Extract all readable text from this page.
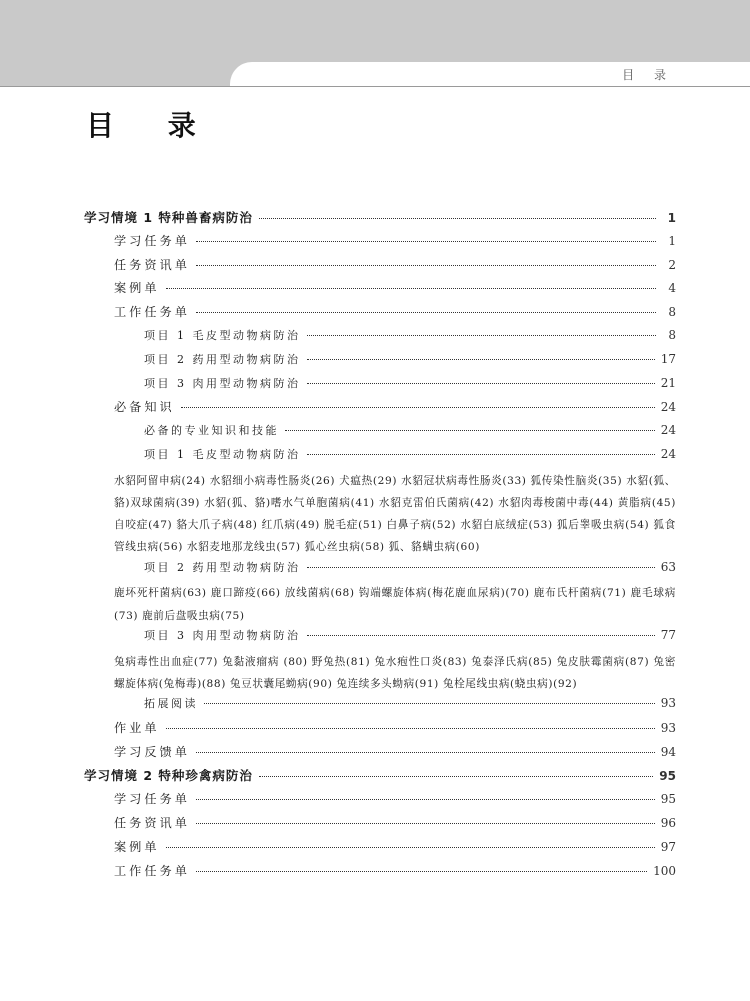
目 录
目 录
学习情境 1 特种兽畜病防治	1
学习任务单	1
任务资讯单	2
案例单	4
工作任务单	8
项目 1 毛皮型动物病防治	8
项目 2 药用型动物病防治	17
项目 3 肉用型动物病防治	21
必备知识	24
必备的专业知识和技能	24
项目 1 毛皮型动物病防治	24
水貂阿留申病(24) 水貂细小病毒性肠炎(26) 犬瘟热(29) 水貂冠状病毒性肠炎(33) 狐传染性脑炎(35) 水貂(狐、貉)双球菌病(39) 水貂(狐、貉)嗜水气单胞菌病(41) 水貂克雷伯氏菌病(42) 水貂肉毒梭菌中毒(44) 黄脂病(45) 自咬症(47) 貉大爪子病(48) 红爪病(49) 脱毛症(51) 白鼻子病(52) 水貂白底绒症(53) 狐后睾吸虫病(54) 狐食管线虫病(56) 水貂麦地那龙线虫(57) 狐心丝虫病(58) 狐、貉螨虫病(60)
项目 2 药用型动物病防治	63
鹿坏死杆菌病(63) 鹿口蹄疫(66) 放线菌病(68) 钩端螺旋体病(梅花鹿血尿病)(70) 鹿布氏杆菌病(71) 鹿毛球病(73) 鹿前后盘吸虫病(75)
项目 3 肉用型动物病防治	77
兔病毒性出血症(77) 兔黏液瘤病 (80) 野兔热(81) 兔水疱性口炎(83) 兔泰泽氏病(85) 兔皮肤霉菌病(87) 兔密螺旋体病(兔梅毒)(88) 兔豆状囊尾蚴病(90) 兔连续多头蚴病(91) 兔栓尾线虫病(蛲虫病)(92)
拓展阅读	93
作业单	93
学习反馈单	94
学习情境 2 特种珍禽病防治	95
学习任务单	95
任务资讯单	96
案例单	97
工作任务单	100
